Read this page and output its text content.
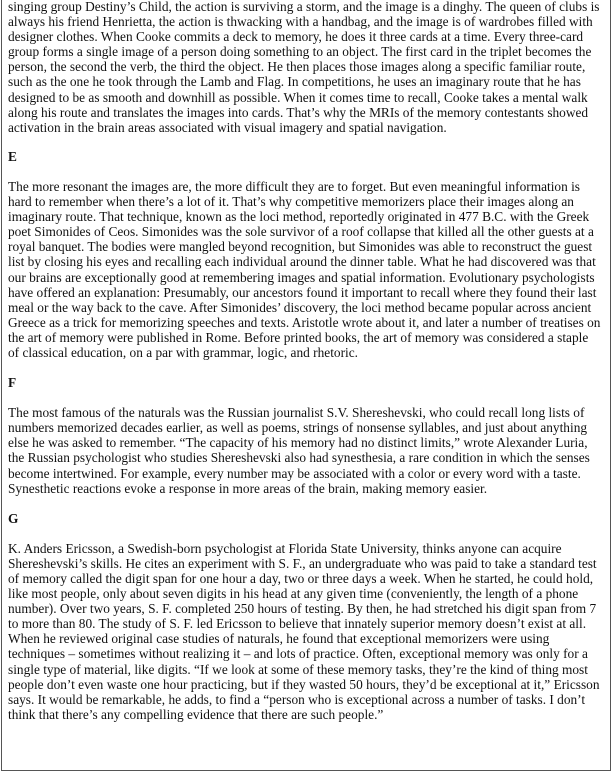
singing group Destiny’s Child, the action is surviving a storm, and the image is a dinghy. The queen of clubs is always his friend Henrietta, the action is thwacking with a handbag, and the image is of wardrobes filled with designer clothes. When Cooke commits a deck to memory, he does it three cards at a time. Every three-card group forms a single image of a person doing something to an object. The first card in the triplet becomes the person, the second the verb, the third the object. He then places those images along a specific familiar route, such as the one he took through the Lamb and Flag. In competitions, he uses an imaginary route that he has designed to be as smooth and downhill as possible. When it comes time to recall, Cooke takes a mental walk along his route and translates the images into cards. That’s why the MRIs of the memory contestants showed activation in the brain areas associated with visual imagery and spatial navigation.

E

The more resonant the images are, the more difficult they are to forget. But even meaningful information is hard to remember when there’s a lot of it. That’s why competitive memorizers place their images along an imaginary route. That technique, known as the loci method, reportedly originated in 477 B.C. with the Greek poet Simonides of Ceos. Simonides was the sole survivor of a roof collapse that killed all the other guests at a royal banquet. The bodies were mangled beyond recognition, but Simonides was able to reconstruct the guest list by closing his eyes and recalling each individual around the dinner table. What he had discovered was that our brains are exceptionally good at remembering images and spatial information. Evolutionary psychologists have offered an explanation: Presumably, our ancestors found it important to recall where they found their last meal or the way back to the cave. After Simonides’ discovery, the loci method became popular across ancient Greece as a trick for memorizing speeches and texts. Aristotle wrote about it, and later a number of treatises on the art of memory were published in Rome. Before printed books, the art of memory was considered a staple of classical education, on a par with grammar, logic, and rhetoric.

F

The most famous of the naturals was the Russian journalist S.V. Shereshevski, who could recall long lists of numbers memorized decades earlier, as well as poems, strings of nonsense syllables, and just about anything else he was asked to remember. “The capacity of his memory had no distinct limits,” wrote Alexander Luria, the Russian psychologist who studies Shereshevski also had synesthesia, a rare condition in which the senses become intertwined. For example, every number may be associated with a color or every word with a taste. Synesthetic reactions evoke a response in more areas of the brain, making memory easier.

G

K. Anders Ericsson, a Swedish-born psychologist at Florida State University, thinks anyone can acquire Shereshevski’s skills. He cites an experiment with S. F., an undergraduate who was paid to take a standard test of memory called the digit span for one hour a day, two or three days a week. When he started, he could hold, like most people, only about seven digits in his head at any given time (conveniently, the length of a phone number). Over two years, S. F. completed 250 hours of testing. By then, he had stretched his digit span from 7 to more than 80. The study of S. F. led Ericsson to believe that innately superior memory doesn’t exist at all. When he reviewed original case studies of naturals, he found that exceptional memorizers were using techniques – sometimes without realizing it – and lots of practice. Often, exceptional memory was only for a single type of material, like digits. “If we look at some of these memory tasks, they’re the kind of thing most people don’t even waste one hour practicing, but if they wasted 50 hours, they’d be exceptional at it,” Ericsson says. It would be remarkable, he adds, to find a “person who is exceptional across a number of tasks. I don’t think that there’s any compelling evidence that there are such people.”
